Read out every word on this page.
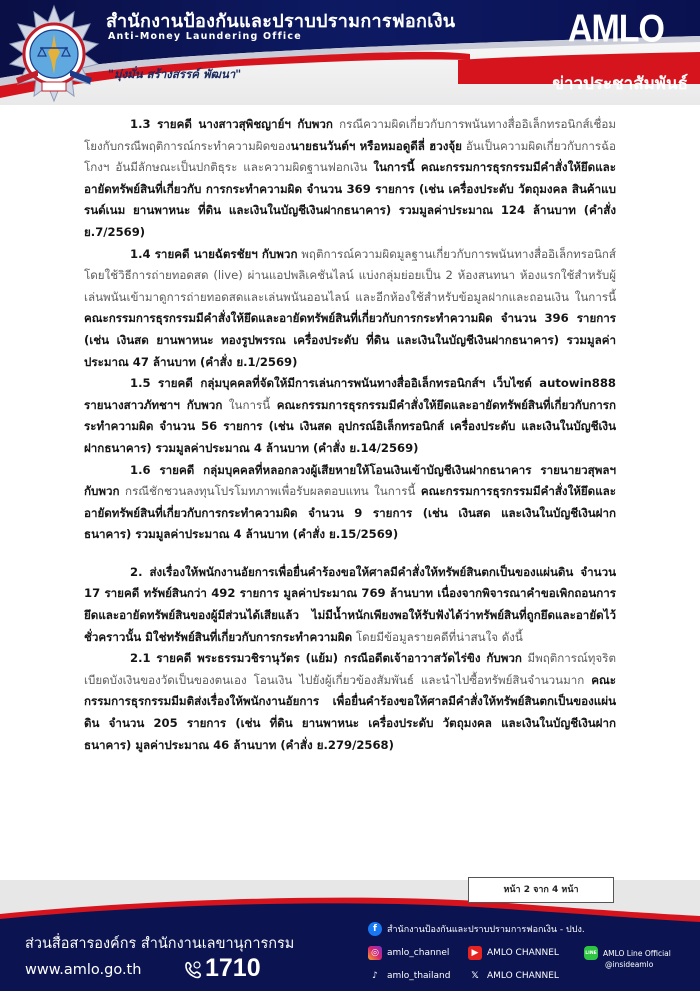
สำนักงานป้องกันและปราบปรามการฟอกเงิน
Anti-Money Laundering Office
"มุ่งมั่น สร้างสรรค์ พัฒนา"
AMLO
ข่าวประชาสัมพันธ์

1.3 รายคดี นางสาวสุพิชญาย์ฯ กับพวก กรณีความผิดเกี่ยวกับการพนันทางสื่ออิเล็กทรอนิกส์เชื่อมโยงกับกรณีพฤติการณ์กระทำความผิดของนายธนวันต์ฯ หรือหมอดูดีลี่ ฮวงจุ้ย อันเป็นความผิดเกี่ยวกับการฉ้อโกงฯ อันมีลักษณะเป็นปกติธุระ และความผิดฐานฟอกเงิน ในการนี้ คณะกรรมการธุรกรรมมีคำสั่งให้ยึดและอายัดทรัพย์สินที่เกี่ยวกับ การกระทำความผิด จำนวน 369 รายการ (เช่น เครื่องประดับ วัตถุมงคล สินค้าแบรนด์เนม ยานพาหนะ ที่ดิน และเงินในบัญชีเงินฝากธนาคาร) รวมมูลค่าประมาณ 124 ล้านบาท (คำสั่ง ย.7/2569)

1.4 รายคดี นายฉัตรชัยฯ กับพวก พฤติการณ์ความผิดมูลฐานเกี่ยวกับการพนันทางสื่ออิเล็กทรอนิกส์ โดยใช้วิธีการถ่ายทอดสด (live) ผ่านแอปพลิเคชันไลน์ แบ่งกลุ่มย่อยเป็น 2 ห้องสนทนา ห้องแรกใช้สำหรับผู้เล่นพนันเข้ามาดูการถ่ายทอดสดและเล่นพนันออนไลน์ และอีกห้องใช้สำหรับข้อมูลฝากและถอนเงิน ในการนี้ คณะกรรมการธุรกรรมมีคำสั่งให้ยึดและอายัดทรัพย์สินที่เกี่ยวกับการกระทำความผิด จำนวน 396 รายการ (เช่น เงินสด ยานพาหนะ ทองรูปพรรณ เครื่องประดับ ที่ดิน และเงินในบัญชีเงินฝากธนาคาร) รวมมูลค่าประมาณ 47 ล้านบาท (คำสั่ง ย.1/2569)

1.5 รายคดี กลุ่มบุคคลที่จัดให้มีการเล่นการพนันทางสื่ออิเล็กทรอนิกส์ฯ เว็บไซต์ autowin888 รายนางสาวภัทชาฯ กับพวก ในการนี้ คณะกรรมการธุรกรรมมีคำสั่งให้ยึดและอายัดทรัพย์สินที่เกี่ยวกับการกระทำความผิด จำนวน 56 รายการ (เช่น เงินสด อุปกรณ์อิเล็กทรอนิกส์ เครื่องประดับ และเงินในบัญชีเงินฝากธนาคาร) รวมมูลค่าประมาณ 4 ล้านบาท (คำสั่ง ย.14/2569)

1.6 รายคดี กลุ่มบุคคลที่หลอกลวงผู้เสียหายให้โอนเงินเข้าบัญชีเงินฝากธนาคาร รายนายวสุพลฯ กับพวก กรณีชักชวนลงทุนโปรโมทภาพเพื่อรับผลตอบแทน ในการนี้ คณะกรรมการธุรกรรมมีคำสั่งให้ยึดและอายัดทรัพย์สินที่เกี่ยวกับการกระทำความผิด จำนวน 9 รายการ (เช่น เงินสด และเงินในบัญชีเงินฝากธนาคาร) รวมมูลค่าประมาณ 4 ล้านบาท (คำสั่ง ย.15/2569)

2. ส่งเรื่องให้พนักงานอัยการเพื่อยื่นคำร้องขอให้ศาลมีคำสั่งให้ทรัพย์สินตกเป็นของแผ่นดิน จำนวน 17 รายคดี ทรัพย์สินกว่า 492 รายการ มูลค่าประมาณ 769 ล้านบาท เนื่องจากพิจารณาคำขอเพิกถอนการยึดและอายัดทรัพย์สินของผู้มีส่วนได้เสียแล้ว ไม่มีน้ำหนักเพียงพอให้รับฟังได้ว่าทรัพย์สินที่ถูกยึดและอายัดไว้ชั่วคราวนั้น มิใช่ทรัพย์สินที่เกี่ยวกับการกระทำความผิด โดยมีข้อมูลรายคดีที่น่าสนใจ ดังนี้

2.1 รายคดี พระธรรมวชิรานุวัตร (แย้ม) กรณีอดีตเจ้าอาวาสวัดไร่ขิง กับพวก มีพฤติการณ์ทุจริตเบียดบังเงินของวัดเป็นของตนเอง โอนเงิน ไปยังผู้เกี่ยวข้องสัมพันธ์ และนำไปซื้อทรัพย์สินจำนวนมาก คณะกรรมการธุรกรรมมีมติส่งเรื่องให้พนักงานอัยการ เพื่อยื่นคำร้องขอให้ศาลมีคำสั่งให้ทรัพย์สินตกเป็นของแผ่นดิน จำนวน 205 รายการ (เช่น ที่ดิน ยานพาหนะ เครื่องประดับ วัตถุมงคล และเงินในบัญชีเงินฝากธนาคาร) มูลค่าประมาณ 46 ล้านบาท (คำสั่ง ย.279/2568)

ส่วนสื่อสารองค์กร สำนักงานเลขานุการกรม
www.amlo.go.th	1710
f	สำนักงานป้องกันและปราบปรามการฟอกเงิน - ปปง.
◎ amlo_channel	▶ AMLO CHANNEL	LINE AMLO Line Official
@insideamlo
♪	amlo_thailand	𝕏 AMLO CHANNEL
หน้า 2 จาก 4 หน้า
